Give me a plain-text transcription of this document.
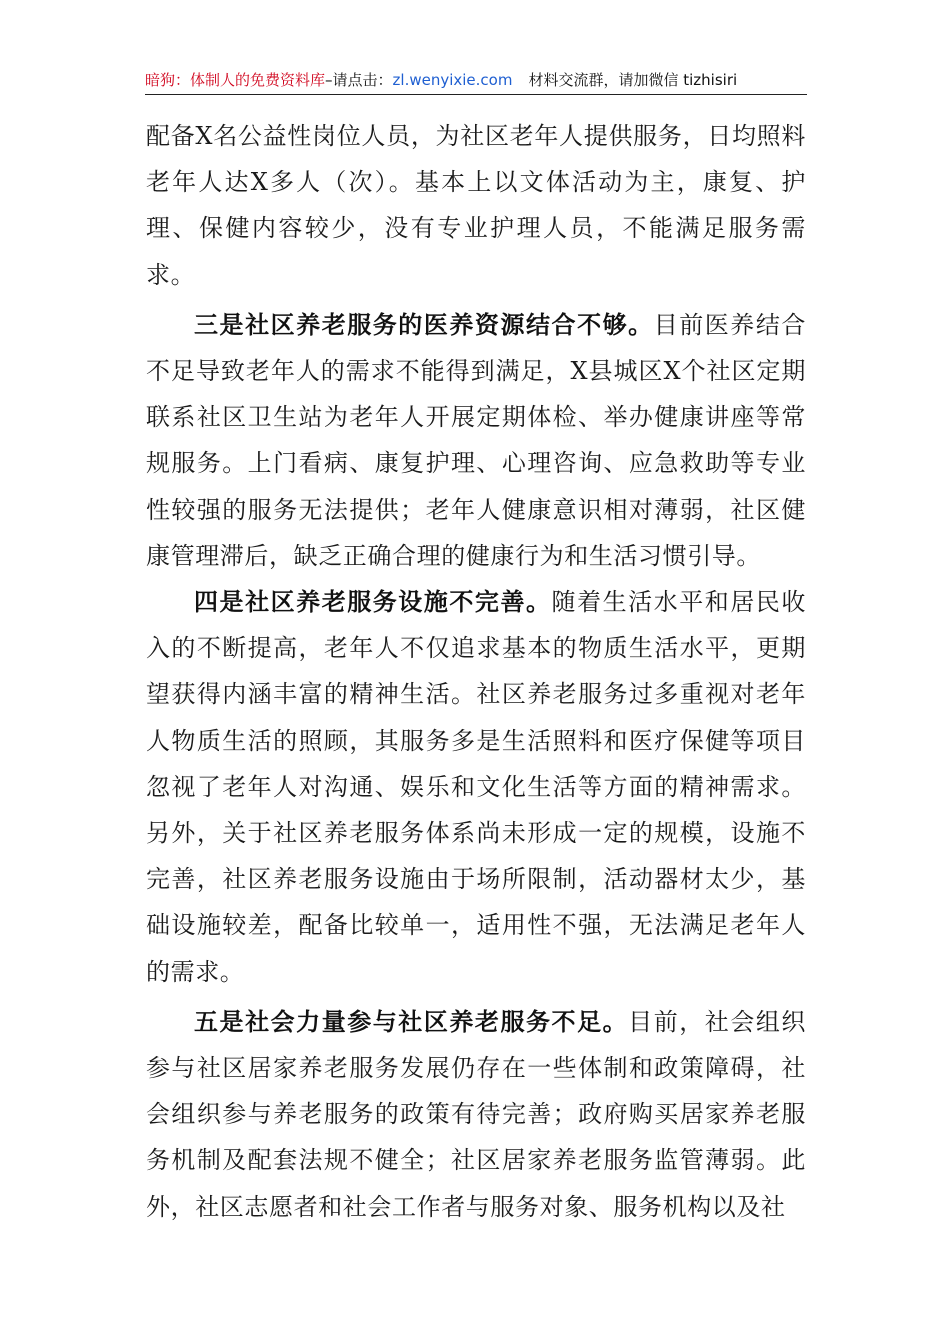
暗狗：体制人的免费资料库–请点击：zl.wenyixie.com 材料交流群，请加微信 tizhisiri

配备X名公益性岗位人员，为社区老年人提供服务，日均照料老年人达X多人（次）。基本上以文体活动为主，康复、护理、保健内容较少，没有专业护理人员，不能满足服务需求。

三是社区养老服务的医养资源结合不够。目前医养结合不足导致老年人的需求不能得到满足，X县城区X个社区定期联系社区卫生站为老年人开展定期体检、举办健康讲座等常规服务。上门看病、康复护理、心理咨询、应急救助等专业性较强的服务无法提供；老年人健康意识相对薄弱，社区健康管理滞后，缺乏正确合理的健康行为和生活习惯引导。

四是社区养老服务设施不完善。随着生活水平和居民收入的不断提高，老年人不仅追求基本的物质生活水平，更期望获得内涵丰富的精神生活。社区养老服务过多重视对老年人物质生活的照顾，其服务多是生活照料和医疗保健等项目忽视了老年人对沟通、娱乐和文化生活等方面的精神需求。另外，关于社区养老服务体系尚未形成一定的规模，设施不完善，社区养老服务设施由于场所限制，活动器材太少，基础设施较差，配备比较单一，适用性不强，无法满足老年人的需求。

五是社会力量参与社区养老服务不足。目前，社会组织参与社区居家养老服务发展仍存在一些体制和政策障碍，社会组织参与养老服务的政策有待完善；政府购买居家养老服务机制及配套法规不健全；社区居家养老服务监管薄弱。此外，社区志愿者和社会工作者与服务对象、服务机构以及社
